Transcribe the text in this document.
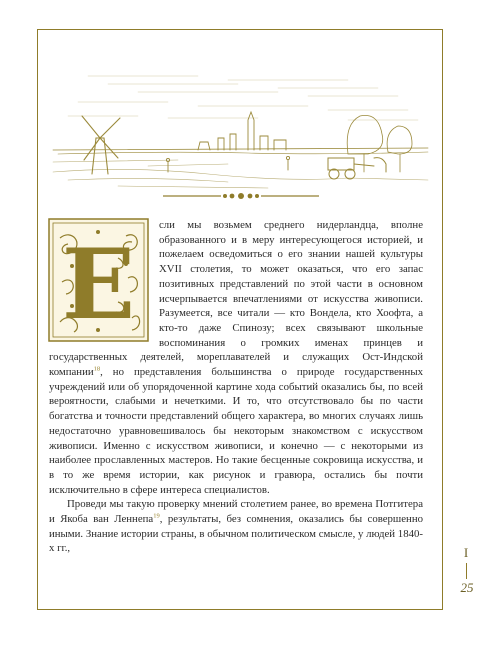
Е

сли мы возьмем среднего нидерландца, вполне образованного и в меру интересующегося историей, и пожелаем осведомиться о его знании нашей культуры XVII столетия, то может оказаться, что его запас позитивных представлений по этой части в основном исчерпывается впечатлениями от искусства живописи. Разумеется, все читали — кто Вондела, кто Хоофта, а кто-то даже Спинозу; всех связывают школьные воспоминания о громких именах принцев и государственных деятелей, мореплавателей и служащих Ост-Индской компании$^{18}$, но представления большинства о природе государственных учреждений или об упорядоченной картине хода событий оказались бы, по всей вероятности, слабыми и нечеткими. И то, что отсутствовало бы по части богатства и точности представлений общего характера, во многих случаях лишь недостаточно уравновешивалось бы некоторым знакомством с искусством живописи. Именно с искусством живописи, и конечно — с некоторыми из наиболее прославленных мастеров. Но такие бесценные сокровища искусства, и в то же время истории, как рисунок и гравюра, остались бы почти исключительно в сфере интереса специалистов.

Проведи мы такую проверку мнений столетием ранее, во времена Потгитера и Якоба ван Леннепа$^{19}$, результаты, без сомнения, оказались бы совершенно иными. Знание истории страны, в обычном политическом смысле, у людей 1840-х гг.,	I
25
